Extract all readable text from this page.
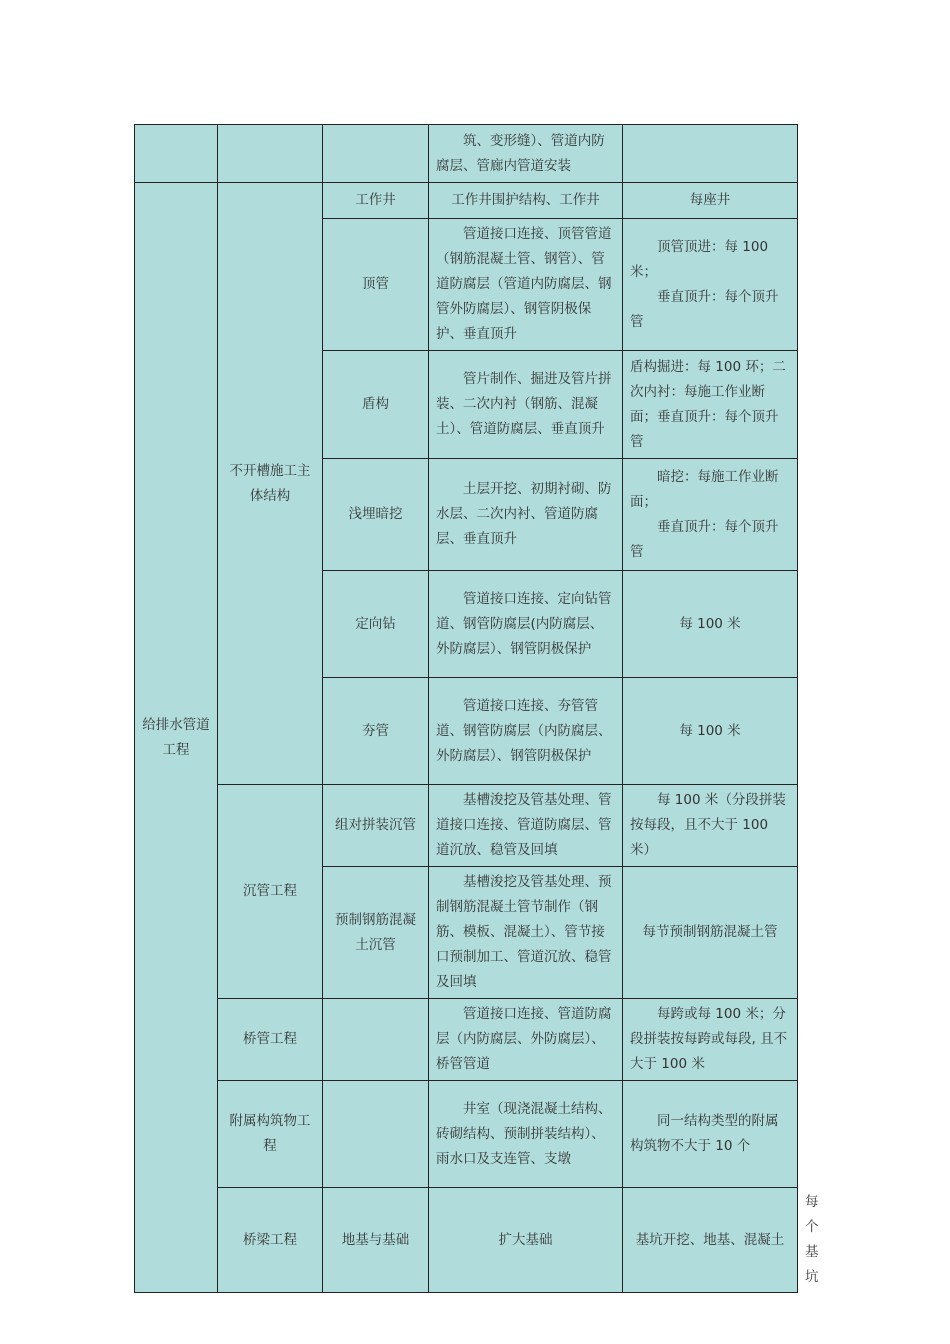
			筑、变形缝）、管道内防腐层、管廊内管道安装		

给排水管道工程	不开槽施工主体结构	工作井	工作井围护结构、工作井	每座井	
		顶管	管道接口连接、顶管管道（钢筋混凝土管、钢管）、管道防腐层（管道内防腐层、钢管外防腐层）、钢管阴极保护、垂直顶升	顶管顶进：每 100 米；

垂直顶升：每个顶升管	

		盾构	管片制作、掘进及管片拼装、二次内衬（钢筋、混凝土）、管道防腐层、垂直顶升	盾构掘进：每 100 环；二次内衬：每施工作业断面；垂直顶升：每个顶升管	
		浅埋暗挖	土层开挖、初期衬砌、防水层、二次内衬、管道防腐层、垂直顶升	暗挖：每施工作业断面；

垂直顶升：每个顶升管	

		定向钻	管道接口连接、定向钻管道、钢管防腐层(内防腐层、外防腐层）、钢管阴极保护	每 100 米	
		夯管	管道接口连接、夯管管道、钢管防腐层（内防腐层、外防腐层）、钢管阴极保护	每 100 米	
	沉管工程	组对拼装沉管	基槽浚挖及管基处理、管道接口连接、管道防腐层、管道沉放、稳管及回填	每 100 米（分段拼装按每段，且不大于 100 米）	

		预制钢筋混凝土沉管	基槽浚挖及管基处理、预制钢筋混凝土管节制作（钢筋、模板、混凝土）、管节接口预制加工、管道沉放、稳管及回填	每节预制钢筋混凝土管	
	桥管工程		管道接口连接、管道防腐层（内防腐层、外防腐层）、桥管管道	每跨或每 100 米；分段拼装按每跨或每段, 且不大于 100 米	

	附属构筑物工程		井室（现浇混凝土结构、砖砌结构、预制拼装结构）、雨水口及支连管、支墩	同一结构类型的附属构筑物不大于 10 个	

	桥梁工程	地基与基础	扩大基础	基坑开挖、地基、混凝土	每个基坑
